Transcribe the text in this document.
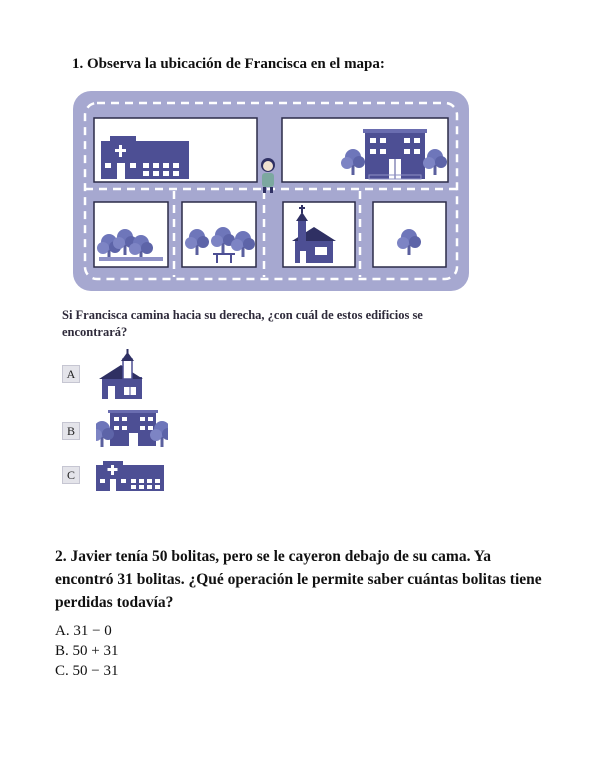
1. Observa la ubicación de Francisca en el mapa:
Si Francisca camina hacia su derecha, ¿con cuál de estos edificios se encontrará?
A
B
C
2. Javier tenía 50 bolitas, pero se le cayeron debajo de su cama. Ya encontró 31 bolitas. ¿Qué operación le permite saber cuántas bolitas tiene perdidas todavía?
A. 31 − 0
B. 50 + 31
C. 50 − 31
